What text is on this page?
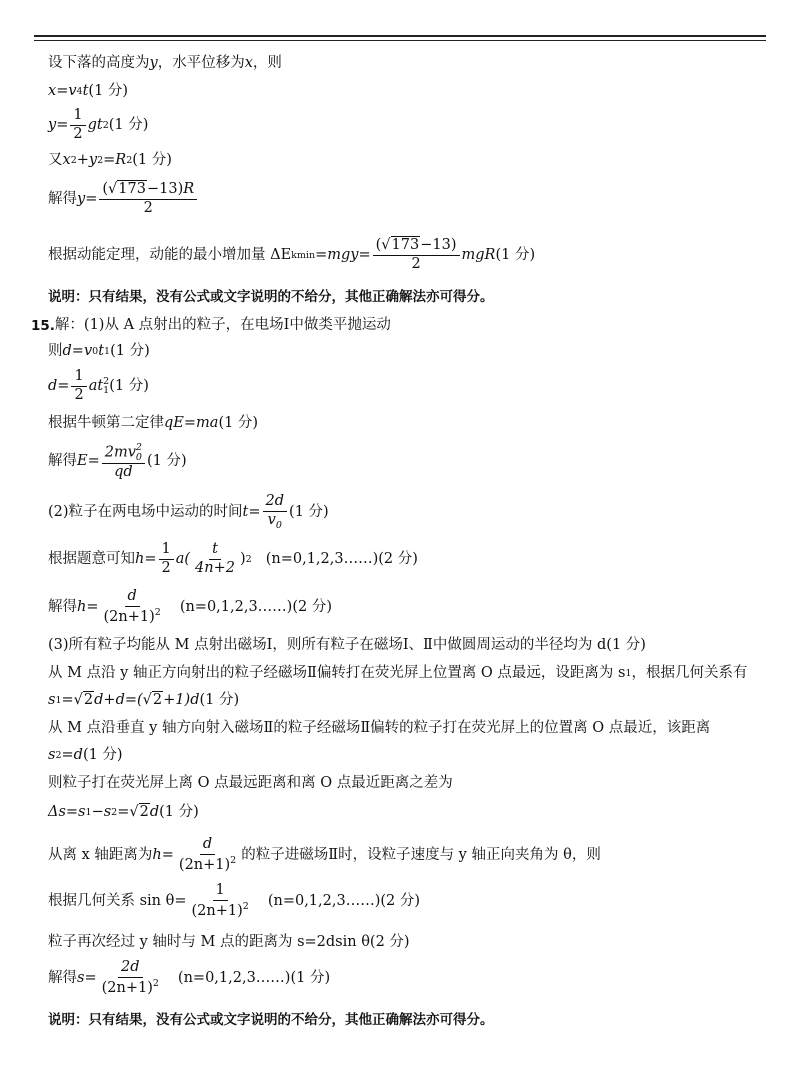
设下落的高度为 y ，水平位移为 x ，则
x = v 4 t (1 分)
$y = \frac{1}{2}$ gt 2 (1 分)
又 x 2 + y 2 = R 2 (1 分)
解得 $y = \frac{(√173-13)R}{2}$
根据动能定理，动能的最小增加量 ΔE $kmin =mgy= \frac{(√173-13)}{2}$ mgR (1 分)
说明：只有结果，没有公式或文字说明的不给分，其他正确解法亦可得分。
15. 解：(1)从 A 点射出的粒子，在电场Ⅰ中做类平抛运动
则 d = v 0 t 1 (1 分)
$d = \frac{1}{2}$ at 2
1 (1 分)
根据牛顿第二定律 qE = ma (1 分)
解得 E = 2mv 2
0
qd (1 分)
(2)粒子在两电场中运动的时间 $t = \frac{2d}{v_0} (1$ 分)
根据题意可知 $h = \frac{1}{2} a( \frac{t}{4n+2}$ ) 2 (n=0,1,2,3……) (2 分)
解得 $h = \frac{d}{(2n+1)^2}$ (n=0,1,2,3……) (2 分)
(3)所有粒子均能从 M 点射出磁场Ⅰ，则所有粒子在磁场Ⅰ、Ⅱ中做圆周运动的半径均为 d(1 分)
从 M 点沿 y 轴正方向射出的粒子经磁场Ⅱ偏转打在荧光屏上位置离 O 点最远，设距离为 s 1 ，根据几何关系有
s 1 = √2 d+d=( √2 +1)d (1 分)
从 M 点沿垂直 y 轴方向射入磁场Ⅱ的粒子经磁场Ⅱ偏转的粒子打在荧光屏上的位置离 O 点最近，该距离
s 2 =d (1 分)
则粒子打在荧光屏上离 O 点最远距离和离 O 点最近距离之差为
Δs=s 1 −s 2 = √2 d (1 分)
从离 x 轴距离为 $h = \frac{d}{(2n+1)^2}$ 的粒子进磁场Ⅱ时，设粒子速度与 y 轴正向夹角为 θ，则
根据几何关系 $\sin \theta= \frac{1}{(2n+1)^2}$ (n=0,1,2,3……) (2 分)
粒子再次经过 y 轴时与 M 点的距离为 s=2dsin θ(2 分)
解得 $s = \frac{2d}{(2n+1)^2}$ (n=0,1,2,3……) (1 分)
说明：只有结果，没有公式或文字说明的不给分，其他正确解法亦可得分。
